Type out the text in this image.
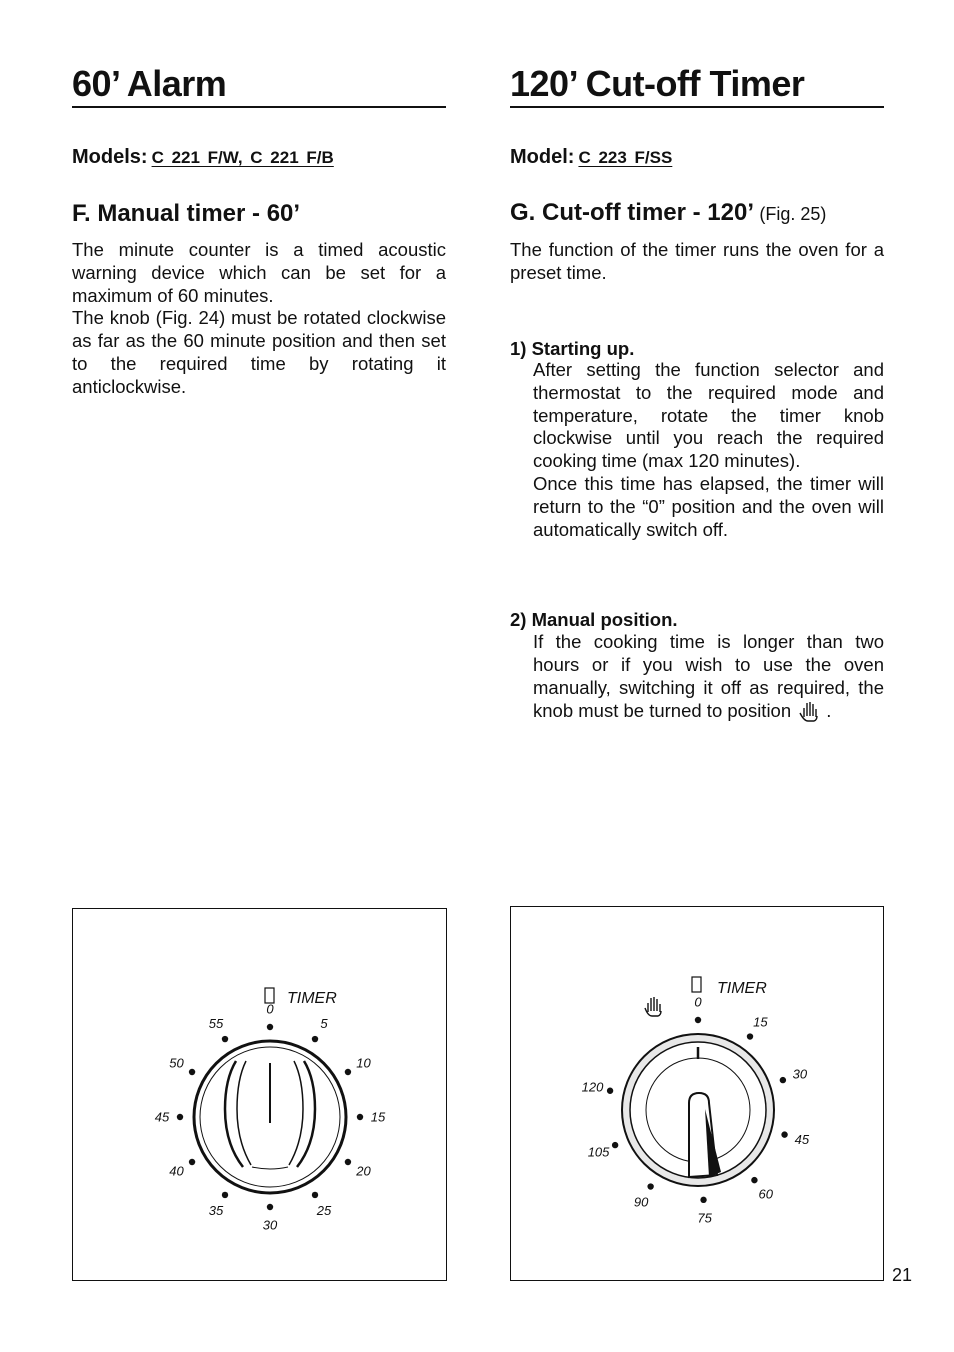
60’ Alarm
Models: C 221 F/W, C 221 F/B
F. Manual timer - 60’
The minute counter is a timed acoustic warning device which can be set for a maximum of 60 minutes.
The knob (Fig. 24) must be rotated clockwise as far as the 60 minute position and then set to the required time by rotating it anticlockwise.
120’ Cut-off Timer
Model: C 223 F/SS
G. Cut-off timer - 120’ (Fig. 25)
The function of the timer runs the oven for a preset time.
1) Starting up.
After setting the function selector and thermostat to the required mode and temperature, rotate the timer knob clockwise until you reach the required cooking time (max 120 minutes).
Once this time has elapsed, the timer will return to the “0” position and the oven will automatically switch off.
2) Manual position.
If the cooking time is longer than two hours or if you wish to use the oven manually, switching it off as required, the knob must be turned to position .
TIMER
0
5
10
15
20
25
30
35
40
45
50
55
TIMER
0
15
30
45
60
75
90
105
120
21
